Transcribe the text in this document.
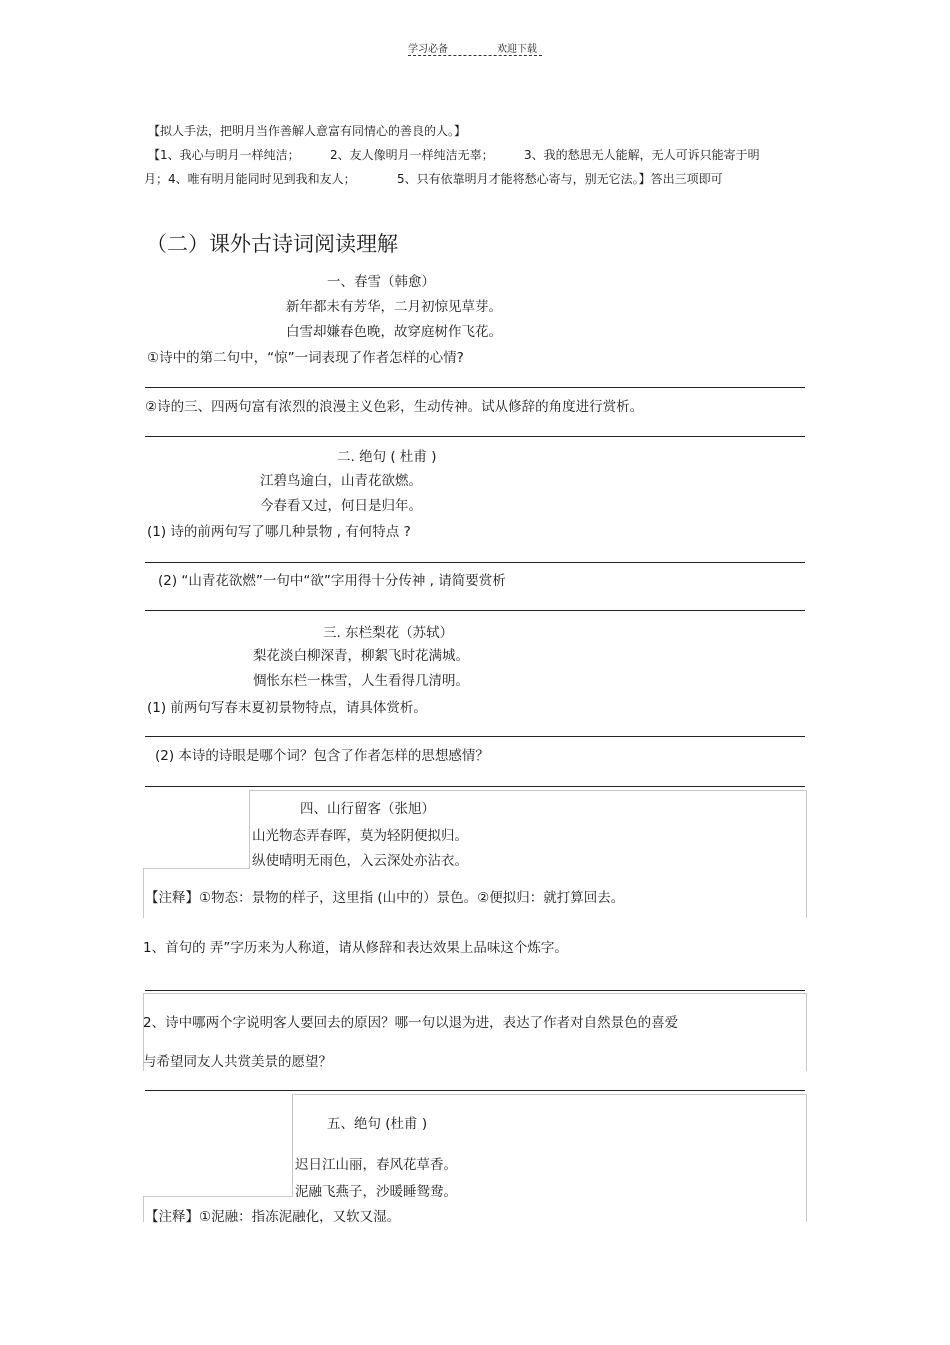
学习必备	欢迎下载
【拟人手法，把明月当作善解人意富有同情心的善良的人。】
【1、我心与明月一样纯洁；	2、友人像明月一样纯洁无辜；	3、我的愁思无人能解，无人可诉只能寄于明
月；4、唯有明月能同时见到我和友人；	5、只有依靠明月才能将愁心寄与，别无它法。】答出三项即可
（二）课外古诗词阅读理解
一、春雪（韩愈）
新年都未有芳华，二月初惊见草芽。
白雪却嫌春色晚，故穿庭树作飞花。
①诗中的第二句中，“惊”一词表现了作者怎样的心情?
②诗的三、四两句富有浓烈的浪漫主义色彩，生动传神。试从修辞的角度进行赏析。
二. 绝句 ( 杜甫 )
江碧鸟逾白，山青花欲燃。
今春看又过，何日是归年。
(1) 诗的前两句写了哪几种景物 , 有何特点 ?
(2) “山青花欲燃”一句中“欲”字用得十分传神 , 请简要赏析
三. 东栏梨花（苏轼）
梨花淡白柳深青，柳絮飞时花满城。
惆怅东栏一株雪，人生看得几清明。
(1) 前两句写春末夏初景物特点，请具体赏析。
(2) 本诗的诗眼是哪个词？包含了作者怎样的思想感情？
四、山行留客（张旭）
山光物态弄春晖，莫为轻阴便拟归。
纵使晴明无雨色，入云深处亦沾衣。
【注释】①物态：景物的样子，这里指 (山中的）景色。②便拟归：就打算回去。
1、首句的 弄”字历来为人称道，请从修辞和表达效果上品味这个炼字。
2、诗中哪两个字说明客人要回去的原因？哪一句以退为进，表达了作者对自然景色的喜爱
与希望同友人共赏美景的愿望？
五、绝句 (杜甫 )
迟日江山丽，春风花草香。
泥融飞燕子，沙暖睡鸳鸯。
【注释】①泥融：指冻泥融化，又软又湿。
